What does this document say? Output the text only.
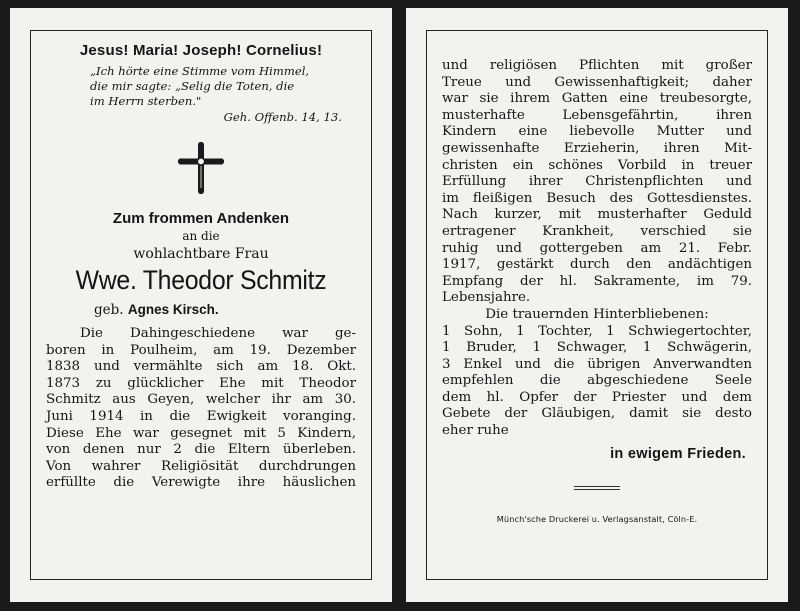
Jesus! Maria! Joseph! Cornelius!
„Ich hörte eine Stimme vom Himmel,
die mir sagte: „Selig die Toten, die
im Herrn sterben."
Geh. Offenb. 14, 13.
Zum frommen Andenken
an die
wohlachtbare Frau
Wwe. Theodor Schmitz
geb. Agnes Kirsch.
Die Dahingeschiedene war ge-
boren in Poulheim, am 19. Dezember
1838 und vermählte sich am 18. Okt.
1873 zu glücklicher Ehe mit Theodor
Schmitz aus Geyen, welcher ihr am 30.
Juni 1914 in die Ewigkeit voranging.
Diese Ehe war gesegnet mit 5 Kindern,
von denen nur 2 die Eltern überleben.
Von wahrer Religiösität durchdrungen
erfüllte die Verewigte ihre häuslichen
und religiösen Pflichten mit großer
Treue und Gewissenhaftigkeit; daher
war sie ihrem Gatten eine treubesorgte,
musterhafte Lebensgefährtin, ihren
Kindern eine liebevolle Mutter und
gewissenhafte Erzieherin, ihren Mit-
christen ein schönes Vorbild in treuer
Erfüllung ihrer Christenpflichten und
im fleißigen Besuch des Gottesdienstes.
Nach kurzer, mit musterhafter Geduld
ertragener Krankheit, verschied sie
ruhig und gottergeben am 21. Febr.
1917, gestärkt durch den andächtigen
Empfang der hl. Sakramente, im 79.
Lebensjahre.
Die trauernden Hinterbliebenen:
1 Sohn, 1 Tochter, 1 Schwiegertochter,
1 Bruder, 1 Schwager, 1 Schwägerin,
3 Enkel und die übrigen Anverwandten
empfehlen die abgeschiedene Seele
dem hl. Opfer der Priester und dem
Gebete der Gläubigen, damit sie desto
eher ruhe
in ewigem Frieden.
Münch'sche Druckerei u. Verlagsanstalt, Cöln-E.
